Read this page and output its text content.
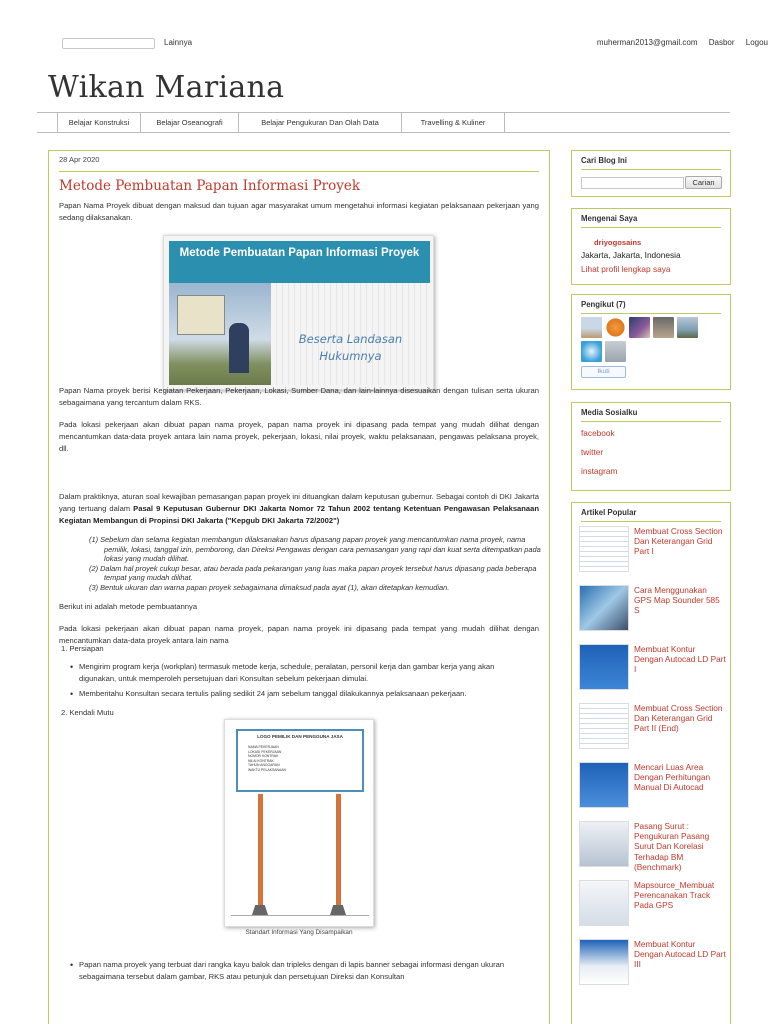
Lainnya	muherman2013@gmail.com Dasbor Logou
Wikan Mariana
Belajar Konstruksi	Belajar Oseanografi	Belajar Pengukuran Dan Olah Data	Travelling & Kuliner
28 Apr 2020
Metode Pembuatan Papan Informasi Proyek

Papan Nama Proyek dibuat dengan maksud dan tujuan agar masyarakat umum mengetahui informasi kegiatan pelaksanaan pekerjaan yang sedang dilaksanakan.

Metode Pembuatan Papan Informasi Proyek
Beserta Landasan Hukumnya

Papan Nama proyek berisi Kegiatan Pekerjaan, Pekerjaan, Lokasi, Sumber Dana, dan lain-lainnya disesuaikan dengan tulisan serta ukuran sebagaimana yang tercantum dalam RKS.

Pada lokasi pekerjaan akan dibuat papan nama proyek, papan nama proyek ini dipasang pada tempat yang mudah dilihat dengan mencantumkan data-data proyek antara lain nama proyek, pekerjaan, lokasi, nilai proyek, waktu pelaksanaan, pengawas pelaksana proyek, dll.

Dalam praktiknya, aturan soal kewajiban pemasangan papan proyek ini dituangkan dalam keputusan gubernur. Sebagai contoh di DKI Jakarta yang tertuang dalam Pasal 9 Keputusan Gubernur DKI Jakarta Nomor 72 Tahun 2002 tentang Ketentuan Pengawasan Pelaksanaan Kegiatan Membangun di Propinsi DKI Jakarta ("Kepgub DKI Jakarta 72/2002")

(1) Sebelum dan selama kegiatan membangun dilaksanakan harus dipasang papan proyek yang mencantumkan nama proyek, nama pemilik, lokasi, tanggal izin, pemborong, dan Direksi Pengawas dengan cara pemasangan yang rapi dan kuat serta ditempatkan pada lokasi yang mudah dilihat.
(2) Dalam hal proyek cukup besar, atau berada pada pekarangan yang luas maka papan proyek tersebut harus dipasang pada beberapa tempat yang mudah dilihat.
(3) Bentuk ukuran dan warna papan proyek sebagaimana dimaksud pada ayat (1), akan ditetapkan kemudian.

Berikut ini adalah metode pembuatannya

Pada lokasi pekerjaan akan dibuat papan nama proyek, papan nama proyek ini dipasang pada tempat yang mudah dilihat dengan mencantumkan data-data proyek antara lain nama

1. Persiapan

• Mengirim program kerja (workplan) termasuk metode kerja, schedule, peralatan, personil kerja dan gambar kerja yang akan digunakan, untuk memperoleh persetujuan dari Konsultan sebelum pekerjaan dimulai.
• Memberitahu Konsultan secara tertulis paling sedikit 24 jam sebelum tanggal dilakukannya pelaksanaan pekerjaan.

2. Kendali Mutu

LOGO PEMILIK DAN PENGGUNA JASA
NAMA PEKERJAAN
LOKASI PEKERJAAN
NOMOR KONTRAK
NILAI KONTRAK
TAHUN ANGGARAN
WAKTU PELAKSANAAN
Standart Informasi Yang Disampaikan
• Papan nama proyek yang terbuat dari rangka kayu balok dan tripleks dengan di lapis banner sebagai informasi dengan ukuran sebagaimana tersebut dalam gambar, RKS atau petunjuk dan persetujuan Direksi dan Konsultan
Cari Blog Ini
Carian
Mengenai Saya
driyogosains
Jakarta, Jakarta, Indonesia
Lihat profil lengkap saya
Pengikut (7)
Ikuti
Media Sosialku
facebook
twitter
instagram
Artikel Popular
Membuat Cross Section Dan Keterangan Grid Part I
Cara Menggunakan GPS Map Sounder 585 S
Membuat Kontur Dengan Autocad LD Part I
Membuat Cross Section Dan Keterangan Grid Part II (End)
Mencari Luas Area Dengan Perhitungan Manual Di Autocad
Pasang Surut : Pengukuran Pasang Surut Dan Korelasi Terhadap BM (Benchmark)
Mapsource_Membuat Perencanakan Track Pada GPS
Membuat Kontur Dengan Autocad LD Part III
